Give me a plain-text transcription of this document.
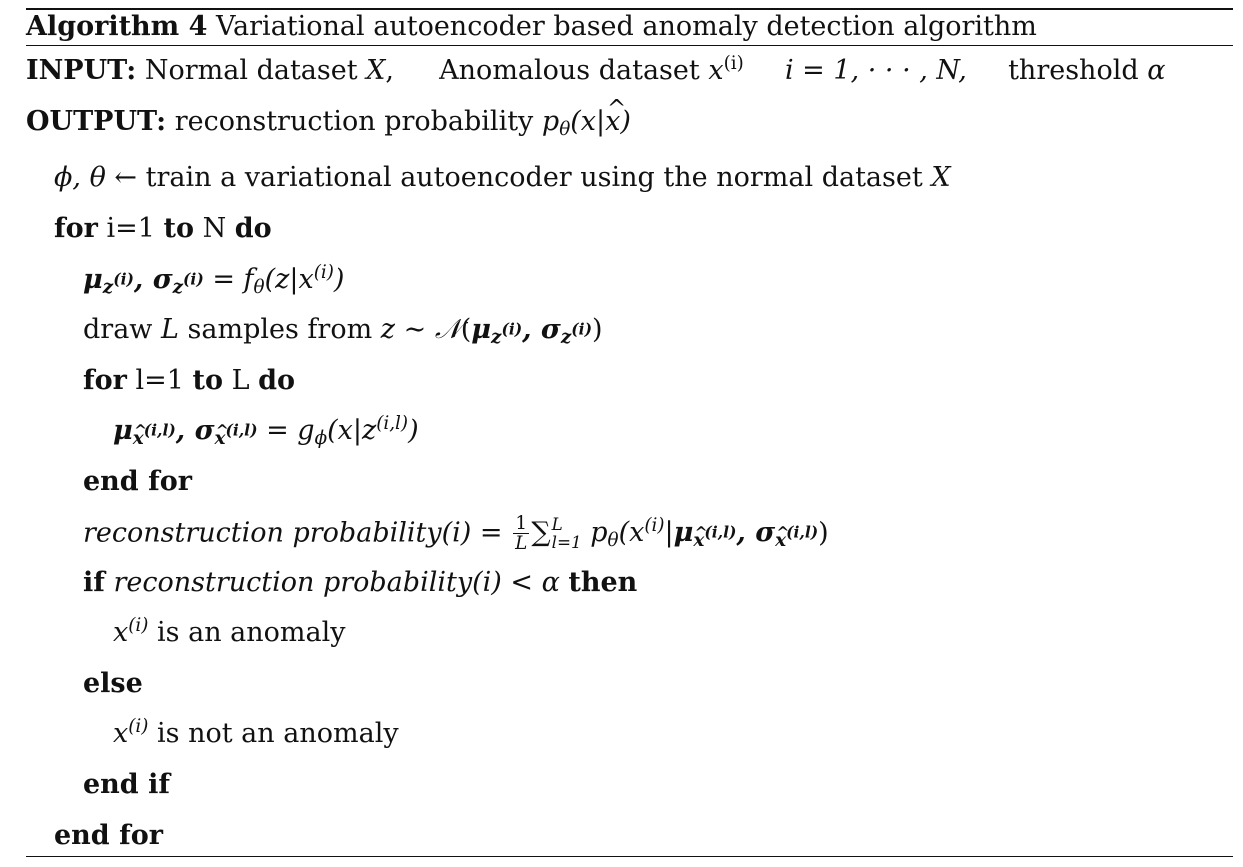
Algorithm 4 Variational autoencoder based anomaly detection algorithm
INPUT: Normal dataset X,  Anomalous dataset $x^{(i)}$ i = 1, · · · , N, threshold α
OUTPUT: reconstruction probability $p_\theta(x|\^{}$ x)
ϕ, θ ← train a variational autoencoder using the normal dataset X
for i=1 to N do
$\mu_{z^{(i)}}$, $\sigma_{z^{(i)}} = f_\theta(z|x^{(i)})$
draw L samples from z ∼ $𝒩(\mu_{z^{(i)}}$, $\sigma_{z^{(i)}}$)
for l=1 to L do
$\mu_{x^{(i,l)}}$, $\sigma_{x^{(i,l)}} = g_\phi(x|z^{(i,l)})$
end for
reconstruction probability(i) = $\frac{1}{L}$ ∑ L
l=1 $p_\theta(x^{(i)}|\mu_{x^{(i,l)}}$, $\sigma_{x^{(i,l)}}$)
if reconstruction probability(i) < α then
$x^{(i)}$ is an anomaly
else
$x^{(i)}$ is not an anomaly
end if
end for
